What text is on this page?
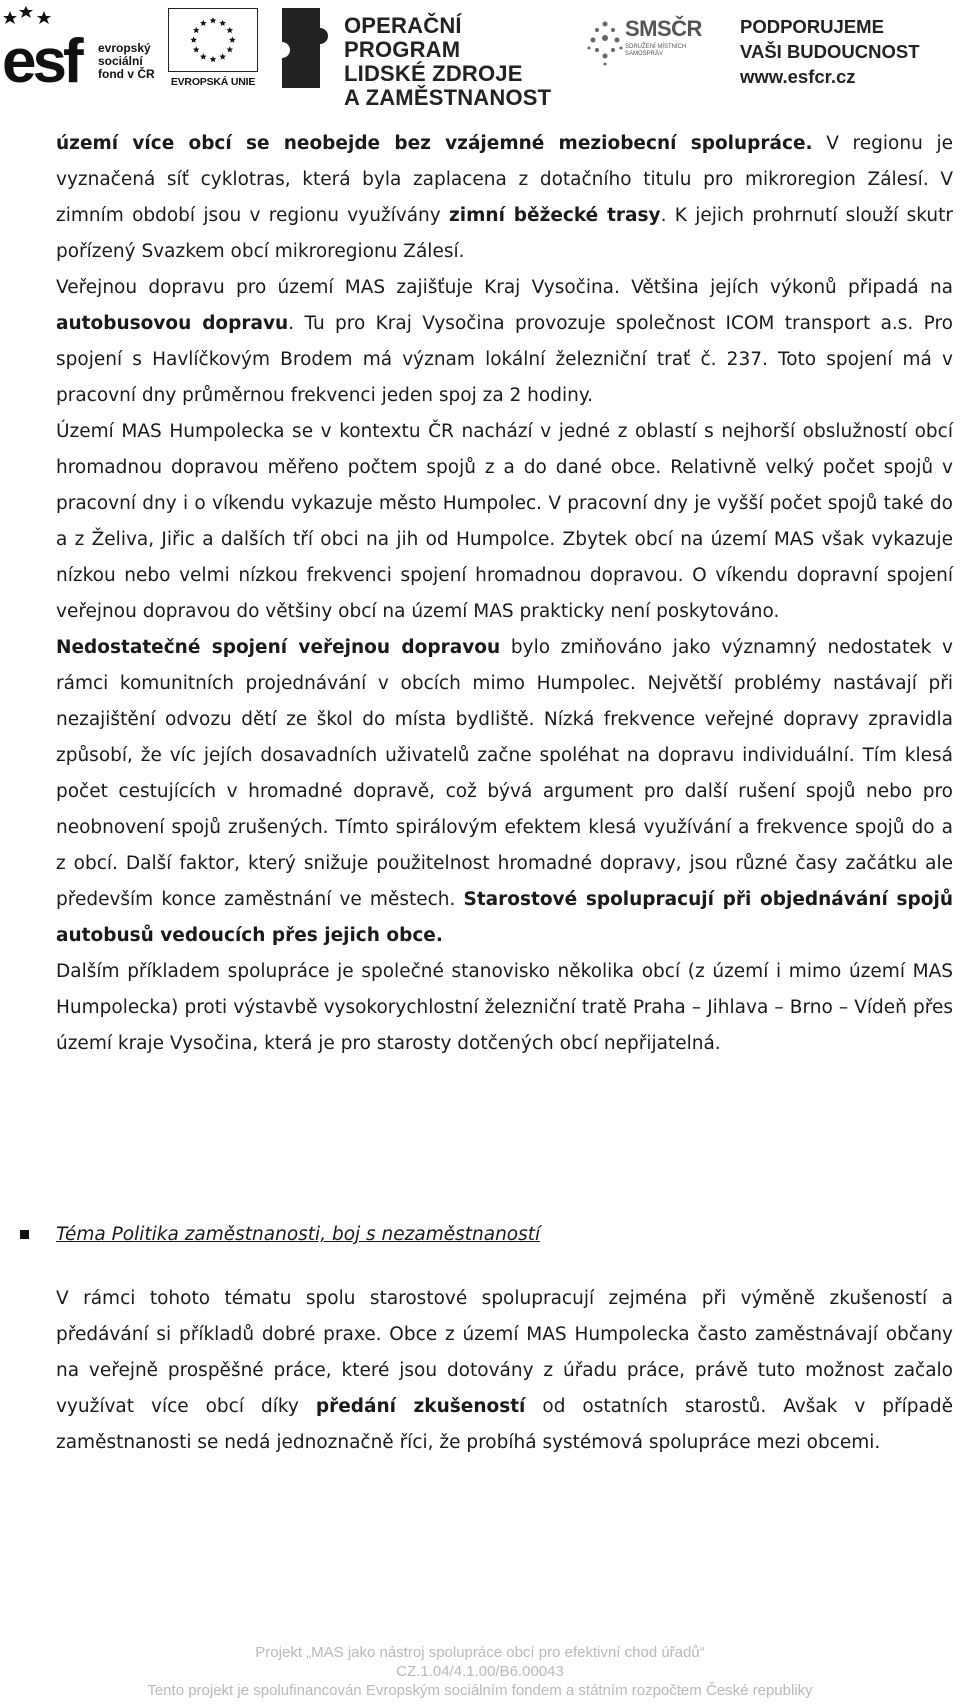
esf	evropský
sociální
fond v ČR
EVROPSKÁ UNIE
OPERAČNÍ PROGRAM
LIDSKÉ ZDROJE
A ZAMĚSTNANOST
SMSČR
SDRUŽENÍ MÍSTNÍCH SAMOSPRÁV
PODPORUJEME
VAŠI BUDOUCNOST
www.esfcr.cz

území více obcí se neobejde bez vzájemné meziobecní spolupráce. V regionu je vyznačená síť cyklotras, která byla zaplacena z dotačního titulu pro mikroregion Zálesí. V zimním období jsou v regionu využívány zimní běžecké trasy. K jejich prohrnutí slouží skutr pořízený Svazkem obcí mikroregionu Zálesí.

Veřejnou dopravu pro území MAS zajišťuje Kraj Vysočina. Většina jejích výkonů připadá na autobusovou dopravu. Tu pro Kraj Vysočina provozuje společnost ICOM transport a.s. Pro spojení s Havlíčkovým Brodem má význam lokální železniční trať č. 237. Toto spojení má v pracovní dny průměrnou frekvenci jeden spoj za 2 hodiny.

Území MAS Humpolecka se v kontextu ČR nachází v jedné z oblastí s nejhorší obslužností obcí hromadnou dopravou měřeno počtem spojů z a do dané obce. Relativně velký počet spojů v pracovní dny i o víkendu vykazuje město Humpolec. V pracovní dny je vyšší počet spojů také do a z Želiva, Jiřic a dalších tří obci na jih od Humpolce. Zbytek obcí na území MAS však vykazuje nízkou nebo velmi nízkou frekvenci spojení hromadnou dopravou. O víkendu dopravní spojení veřejnou dopravou do většiny obcí na území MAS prakticky není poskytováno.

Nedostatečné spojení veřejnou dopravou bylo zmiňováno jako významný nedostatek v rámci komunitních projednávání v obcích mimo Humpolec. Největší problémy nastávají při nezajištění odvozu dětí ze škol do místa bydliště. Nízká frekvence veřejné dopravy zpravidla způsobí, že víc jejích dosavadních uživatelů začne spoléhat na dopravu individuální. Tím klesá počet cestujících v hromadné dopravě, což bývá argument pro další rušení spojů nebo pro neobnovení spojů zrušených. Tímto spirálovým efektem klesá využívání a frekvence spojů do a z obcí. Další faktor, který snižuje použitelnost hromadné dopravy, jsou různé časy začátku ale především konce zaměstnání ve městech. Starostové spolupracují při objednávání spojů autobusů vedoucích přes jejich obce.

Dalším příkladem spolupráce je společné stanovisko několika obcí (z území i mimo území MAS Humpolecka) proti výstavbě vysokorychlostní železniční tratě Praha – Jihlava – Brno – Vídeň přes území kraje Vysočina, která je pro starosty dotčených obcí nepřijatelná.

Téma Politika zaměstnanosti, boj s nezaměstnaností

V rámci tohoto tématu spolu starostové spolupracují zejména při výměně zkušeností a předávání si příkladů dobré praxe. Obce z území MAS Humpolecka často zaměstnávají občany na veřejně prospěšné práce, které jsou dotovány z úřadu práce, právě tuto možnost začalo využívat více obcí díky předání zkušeností od ostatních starostů. Avšak v případě zaměstnanosti se nedá jednoznačně říci, že probíhá systémová spolupráce mezi obcemi.

Projekt „MAS jako nástroj spolupráce obcí pro efektivní chod úřadů“
CZ.1.04/4.1.00/B6.00043
Tento projekt je spolufinancován Evropským sociálním fondem a státním rozpočtem České republiky
